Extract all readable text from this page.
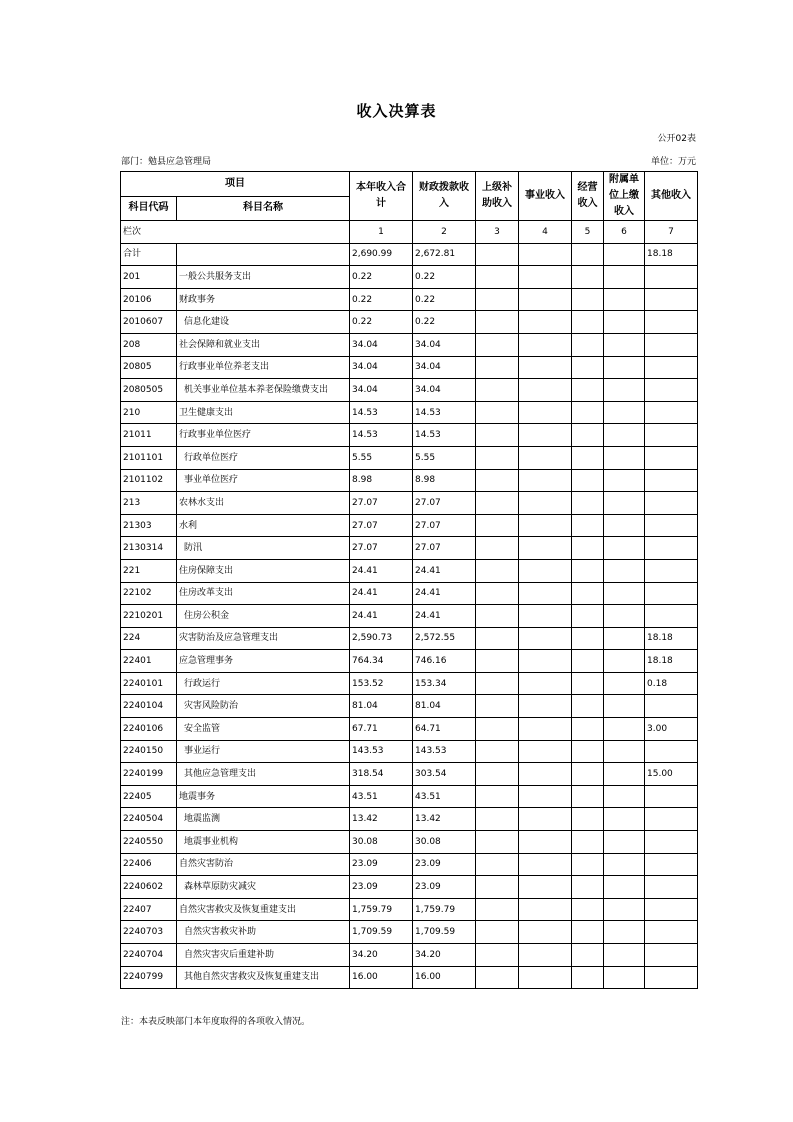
收入决算表
公开02表
部门：勉县应急管理局	单位：万元
项目		本年收入合计	财政拨款收入	上级补助收入	事业收入	经营收入	附属单位上缴收入	其他收入
科目代码	科目名称							
栏次		1	2	3	4	5	6	7
合计		2,690.99	2,672.81					18.18
201	一般公共服务支出	0.22	0.22					
20106	财政事务	0.22	0.22					
2010607	信息化建设	0.22	0.22					
208	社会保障和就业支出	34.04	34.04					
20805	行政事业单位养老支出	34.04	34.04					
2080505	机关事业单位基本养老保险缴费支出	34.04	34.04					
210	卫生健康支出	14.53	14.53					
21011	行政事业单位医疗	14.53	14.53					
2101101	行政单位医疗	5.55	5.55					
2101102	事业单位医疗	8.98	8.98					
213	农林水支出	27.07	27.07					
21303	水利	27.07	27.07					
2130314	防汛	27.07	27.07					
221	住房保障支出	24.41	24.41					
22102	住房改革支出	24.41	24.41					
2210201	住房公积金	24.41	24.41					
224	灾害防治及应急管理支出	2,590.73	2,572.55					18.18
22401	应急管理事务	764.34	746.16					18.18
2240101	行政运行	153.52	153.34					0.18
2240104	灾害风险防治	81.04	81.04					
2240106	安全监管	67.71	64.71					3.00
2240150	事业运行	143.53	143.53					
2240199	其他应急管理支出	318.54	303.54					15.00
22405	地震事务	43.51	43.51					
2240504	地震监测	13.42	13.42					
2240550	地震事业机构	30.08	30.08					
22406	自然灾害防治	23.09	23.09					
2240602	森林草原防灾减灾	23.09	23.09					
22407	自然灾害救灾及恢复重建支出	1,759.79	1,759.79					
2240703	自然灾害救灾补助	1,709.59	1,709.59					
2240704	自然灾害灾后重建补助	34.20	34.20					
2240799	其他自然灾害救灾及恢复重建支出	16.00	16.00					
注：本表反映部门本年度取得的各项收入情况。
